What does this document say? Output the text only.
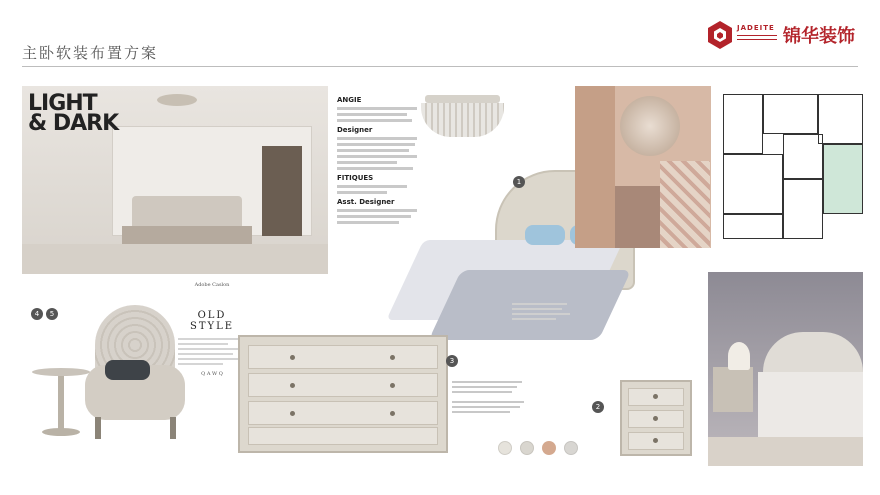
主卧软装布置方案
JADEITE 锦华装饰
LIGHT
& DARK
ANGIE
Designer
FITIQUES
Asst. Designer
Adobe Caslon
OLD STYLE
Q A W Q
1
2
3
4	5
